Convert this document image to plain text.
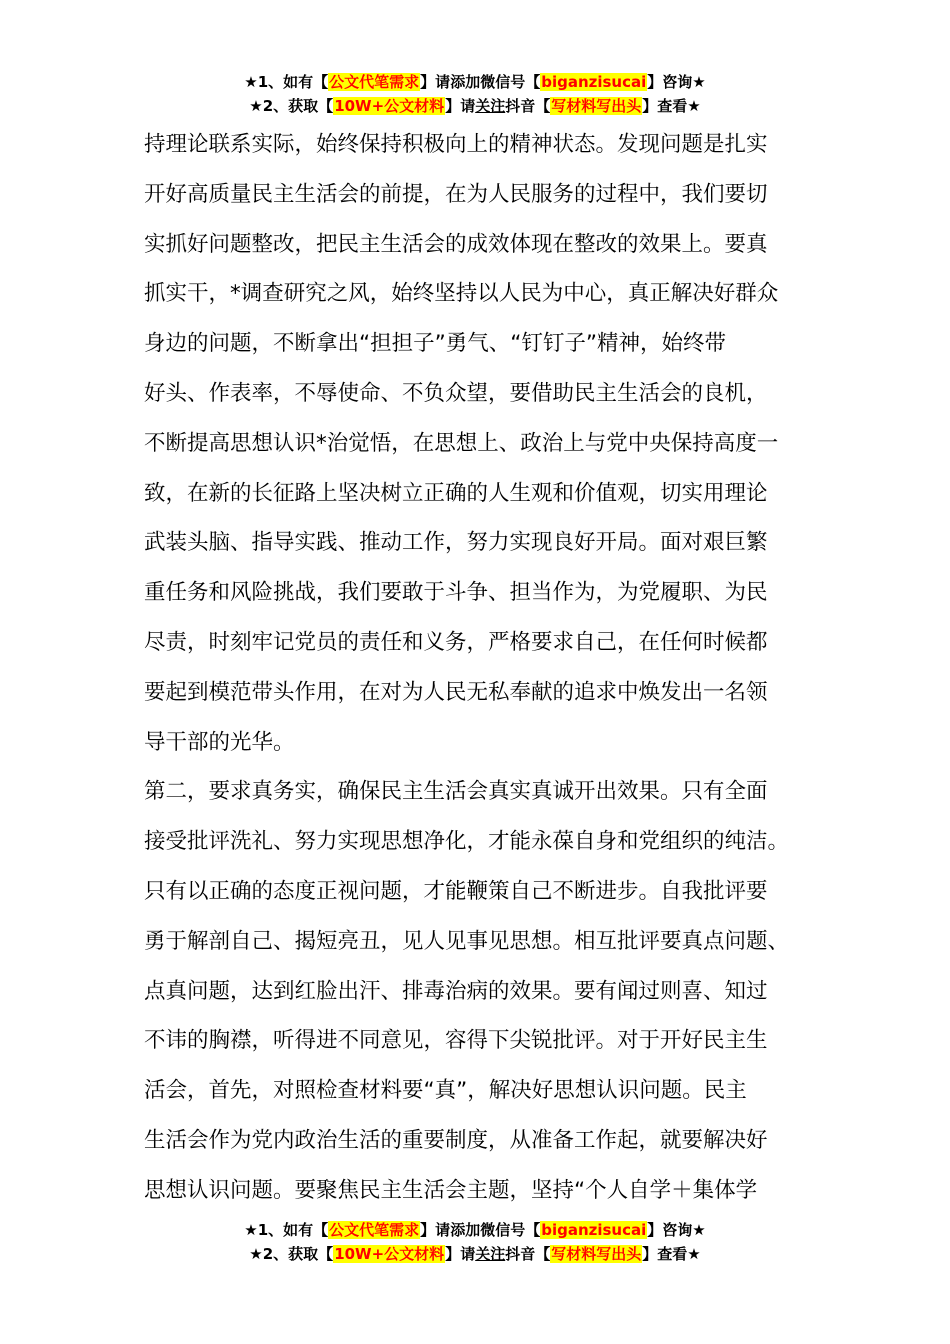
★1、如有【公文代笔需求】请添加微信号【biganzisucai】咨询★
★2、获取【10W+公文材料】请关注抖音【写材料写出头】查看★

持理论联系实际，始终保持积极向上的精神状态。发现问题是扎实
开好高质量民主生活会的前提，在为人民服务的过程中，我们要切
实抓好问题整改，把民主生活会的成效体现在整改的效果上。要真
抓实干，*调查研究之风，始终坚持以人民为中心，真正解决好群众
身边的问题，不断拿出“担担子”勇气、“钉钉子”精神，始终带
好头、作表率，不辱使命、不负众望，要借助民主生活会的良机，
不断提高思想认识*治觉悟，在思想上、政治上与党中央保持高度一
致，在新的长征路上坚决树立正确的人生观和价值观，切实用理论
武装头脑、指导实践、推动工作，努力实现良好开局。面对艰巨繁
重任务和风险挑战，我们要敢于斗争、担当作为，为党履职、为民
尽责，时刻牢记党员的责任和义务，严格要求自己，在任何时候都
要起到模范带头作用，在对为人民无私奉献的追求中焕发出一名领
导干部的光华。

第二，要求真务实，确保民主生活会真实真诚开出效果。只有全面
接受批评洗礼、努力实现思想净化，才能永葆自身和党组织的纯洁。
只有以正确的态度正视问题，才能鞭策自己不断进步。自我批评要
勇于解剖自己、揭短亮丑，见人见事见思想。相互批评要真点问题、
点真问题，达到红脸出汗、排毒治病的效果。要有闻过则喜、知过
不讳的胸襟，听得进不同意见，容得下尖锐批评。对于开好民主生
活会，首先，对照检查材料要“真”，解决好思想认识问题。民主
生活会作为党内政治生活的重要制度，从准备工作起，就要解决好
思想认识问题。要聚焦民主生活会主题，坚持“个人自学＋集体学

★1、如有【公文代笔需求】请添加微信号【biganzisucai】咨询★
★2、获取【10W+公文材料】请关注抖音【写材料写出头】查看★
